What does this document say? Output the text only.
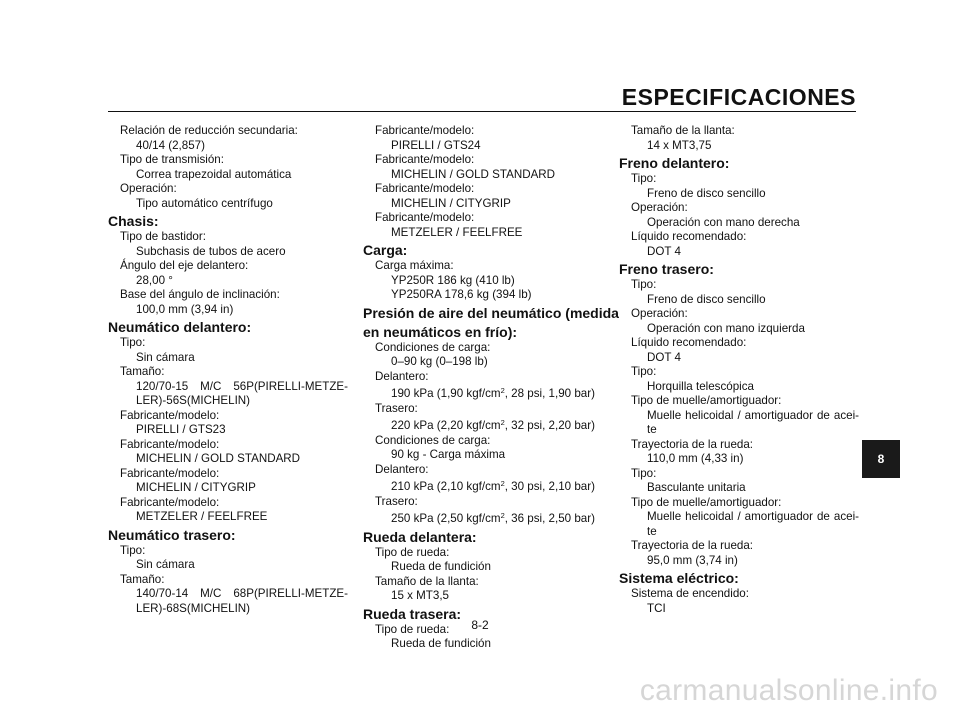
ESPECIFICACIONES
Relación de reducción secundaria:
40/14 (2,857)
Tipo de transmisión:
Correa trapezoidal automática
Operación:
Tipo automático centrífugo
Chasis:
Tipo de bastidor:
Subchasis de tubos de acero
Ángulo del eje delantero:
28,00 °
Base del ángulo de inclinación:
100,0 mm (3,94 in)
Neumático delantero:
Tipo:
Sin cámara
Tamaño:
120/70-15 M/C 56P(PIRELLI-METZE-
LER)-56S(MICHELIN)
Fabricante/modelo:
PIRELLI / GTS23
Fabricante/modelo:
MICHELIN / GOLD STANDARD
Fabricante/modelo:
MICHELIN / CITYGRIP
Fabricante/modelo:
METZELER / FEELFREE
Neumático trasero:
Tipo:
Sin cámara
Tamaño:
140/70-14 M/C 68P(PIRELLI-METZE-
LER)-68S(MICHELIN)
Fabricante/modelo:
PIRELLI / GTS24
Fabricante/modelo:
MICHELIN / GOLD STANDARD
Fabricante/modelo:
MICHELIN / CITYGRIP
Fabricante/modelo:
METZELER / FEELFREE
Carga:
Carga máxima:
YP250R 186 kg (410 lb)
YP250RA 178,6 kg (394 lb)
Presión de aire del neumático (medida
en neumáticos en frío):
Condiciones de carga:
0–90 kg (0–198 lb)
Delantero:
190 kPa (1,90 kgf/$cm^2$, 28 psi, 1,90 bar)
Trasero:
220 kPa (2,20 kgf/$cm^2$, 32 psi, 2,20 bar)
Condiciones de carga:
90 kg - Carga máxima
Delantero:
210 kPa (2,10 kgf/$cm^2$, 30 psi, 2,10 bar)
Trasero:
250 kPa (2,50 kgf/$cm^2$, 36 psi, 2,50 bar)
Rueda delantera:
Tipo de rueda:
Rueda de fundición
Tamaño de la llanta:
15 x MT3,5
Rueda trasera:
Tipo de rueda:
Rueda de fundición
Tamaño de la llanta:
14 x MT3,75
Freno delantero:
Tipo:
Freno de disco sencillo
Operación:
Operación con mano derecha
Líquido recomendado:
DOT 4
Freno trasero:
Tipo:
Freno de disco sencillo
Operación:
Operación con mano izquierda
Líquido recomendado:
DOT 4
Tipo:
Horquilla telescópica
Tipo de muelle/amortiguador:
Muelle helicoidal / amortiguador de acei-
te
Trayectoria de la rueda:
110,0 mm (4,33 in)
Tipo:
Basculante unitaria
Tipo de muelle/amortiguador:
Muelle helicoidal / amortiguador de acei-
te
Trayectoria de la rueda:
95,0 mm (3,74 in)
Sistema eléctrico:
Sistema de encendido:
TCI
8-2
8
carmanualsonline.info
